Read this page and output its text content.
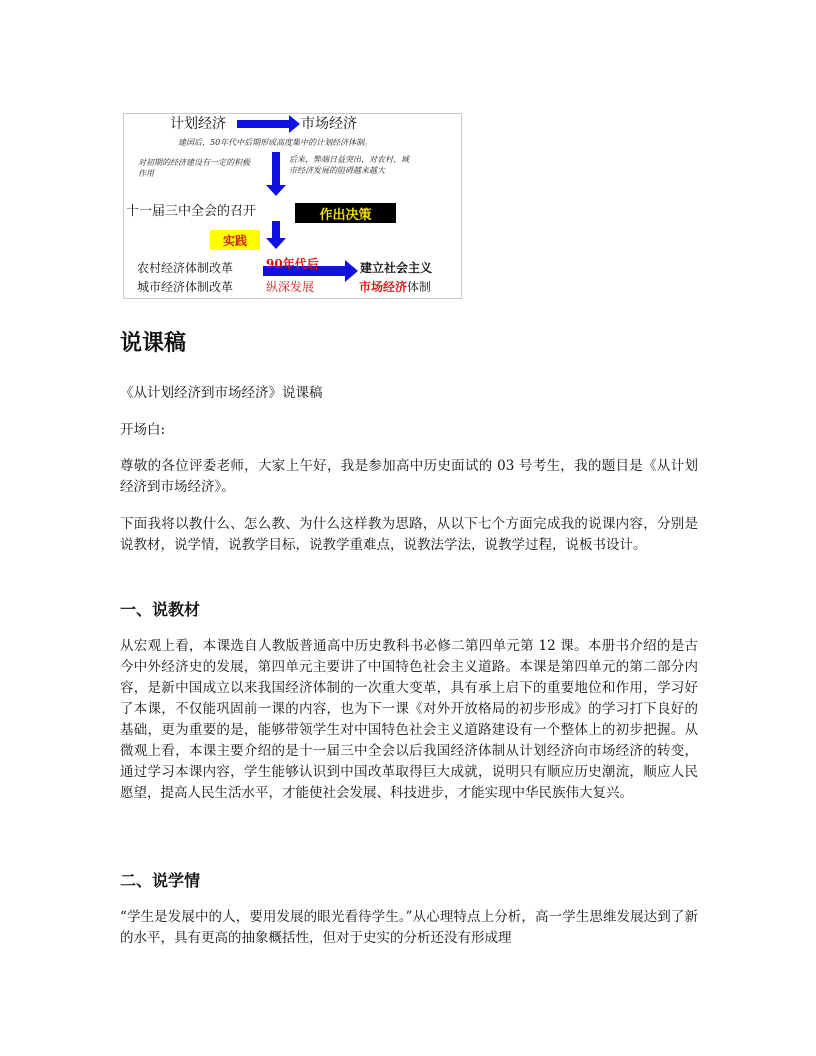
计划经济	市场经济
建国后，50年代中后期形成高度集中的计划经济体制。
对初期的经济建设有一定的积极作用
后来，弊端日益突出，对农村、城市经济发展的阻碍越来越大
十一届三中全会的召开	作出决策
实践
农村经济体制改革
城市经济体制改革
90年代后
纵深发展
建立社会主义
市场经济体制
说课稿

《从计划经济到市场经济》说课稿

开场白:

尊敬的各位评委老师，大家上午好，我是参加高中历史面试的 03 号考生，我的题目是《从计划经济到市场经济》。

下面我将以教什么、怎么教、为什么这样教为思路，从以下七个方面完成我的说课内容，分别是说教材，说学情，说教学目标，说教学重难点，说教法学法，说教学过程，说板书设计。

一、说教材

从宏观上看，本课选自人教版普通高中历史教科书必修二第四单元第 12 课。本册书介绍的是古今中外经济史的发展，第四单元主要讲了中国特色社会主义道路。本课是第四单元的第二部分内容，是新中国成立以来我国经济体制的一次重大变革，具有承上启下的重要地位和作用，学习好了本课，不仅能巩固前一课的内容，也为下一课《对外开放格局的初步形成》的学习打下良好的基础，更为重要的是，能够带领学生对中国特色社会主义道路建设有一个整体上的初步把握。从微观上看，本课主要介绍的是十一届三中全会以后我国经济体制从计划经济向市场经济的转变，通过学习本课内容，学生能够认识到中国改革取得巨大成就，说明只有顺应历史潮流，顺应人民愿望，提高人民生活水平，才能使社会发展、科技进步，才能实现中华民族伟大复兴。

二、说学情

“学生是发展中的人，要用发展的眼光看待学生。”从心理特点上分析，高一学生思维发展达到了新的水平，具有更高的抽象概括性，但对于史实的分析还没有形成理
